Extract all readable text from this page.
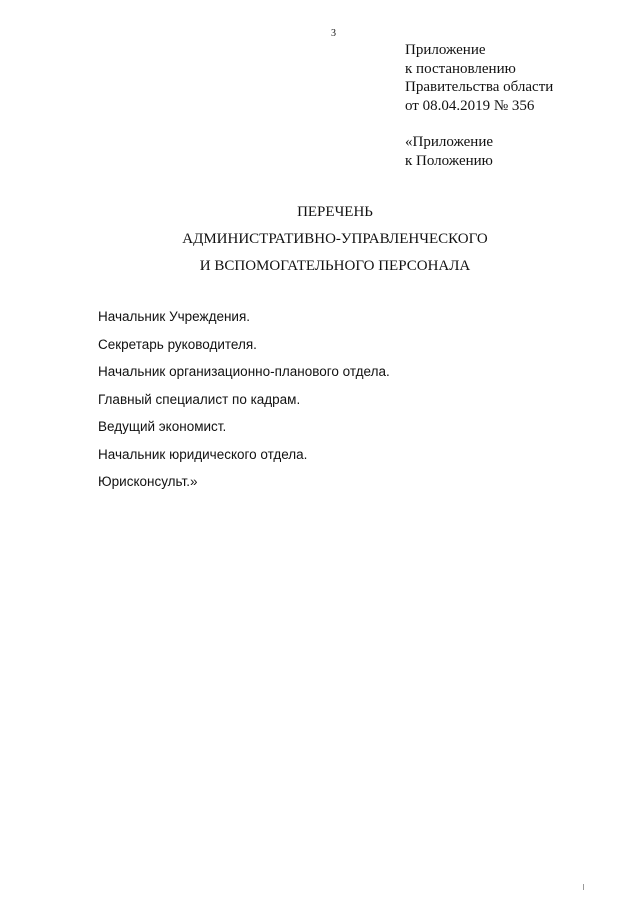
3
Приложение
к постановлению
Правительства области
от 08.04.2019 № 356
«Приложение
к Положению
ПЕРЕЧЕНЬ
АДМИНИСТРАТИВНО-УПРАВЛЕНЧЕСКОГО
И ВСПОМОГАТЕЛЬНОГО ПЕРСОНАЛА
Начальник Учреждения.
Секретарь руководителя.
Начальник организационно-планового отдела.
Главный специалист по кадрам.
Ведущий экономист.
Начальник юридического отдела.
Юрисконсульт.»
